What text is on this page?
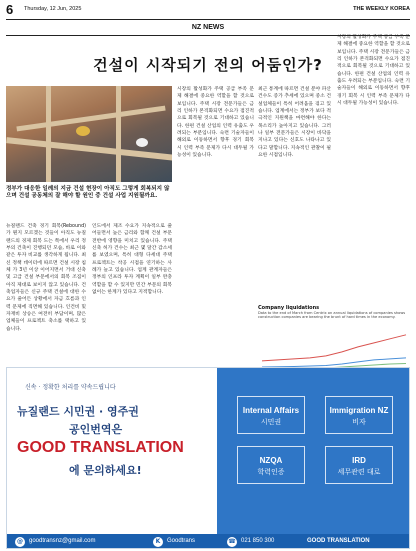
6 Thursday, 12 Jun, 2025	THE WEEKLY KOREA
NZ NEWS
건설이 시작되기 전의 어둠인가?
정부가 대응한 일례의 지금 건설 현장이 아직도 그렇게 회복되지 않으며 건설 공동체의 잘 해야 할 원인 중 건설 사업 지원될까요.
뉴질랜드 건축 경기 회복(Rebound) 가 뭔지 모르겠는 것들이 아직도 뉴질랜드의 경제 회복 도는 쪽에서 우리 정부의 건축이 진행되던 모습, 바로 이와 같은 투자 비교를 생각하게 됩니다. 최신 정책 데이터에 따르면 건설 시장 침체 가 3년 이상 이어지면서 거대 신축 및 고급 건설 부문에서의 회복 조짐이 아직 제대로 보이지 않고 있습니다. 건축업자들은 신규 주택 건설에 대한 수요가 줄어든 상황에서 자금 흐름과 인력 문제에 직면해 있습니다. 인건비 및 자재비 상승은 여전히 부담이며, 많은 업체들이 프로젝트 축소를 택하고 있습니다.
인도에서 제조 수요가 지속적으로 줄어들면서 높은 금리와 함께 건설 부문 전반에 영향을 미치고 있습니다. 주택 신축 허가 건수는 최근 몇 달간 감소세를 보였으며, 특히 대형 다세대 주택 프로젝트는 착공 시점을 연기하는 사례가 늘고 있습니다. 업계 관계자들은 정부의 인프라 투자 계획이 일부 완충 역할을 할 수 있지만 민간 부문의 회복 없이는 한계가 있다고 지적합니다.
시장의 활성화가 주택 공급 부족 문제 해결에 중요한 역할을 할 것으로 보입니다. 주택 시장 전문가들은 금리 인하가 본격화되면 수요가 점진적으로 회복될 것으로 기대하고 있습니다. 한편 건설 산업의 인력 유출도 우려되는 부분입니다. 숙련 기술자들이 해외로 이동하면서 향후 경기 회복 시 인력 부족 문제가 다시 대두될 가능성이 있습니다.
최근 통계에 따르면 건설 분야 파산 건수도 증가 추세에 있으며 중소 건설업체들이 특히 어려움을 겪고 있습니다. 업계에서는 정부가 보다 적극적인 지원책을 마련해야 한다는 목소리가 높아지고 있습니다. 그러나 일부 전문가들은 시장이 바닥을 지나고 있다는 신호도 나타나고 있다고 말합니다. 지속적인 관찰이 필요한 시점입니다.
시장의 활성화가 주택 공급 부족 문제 해결에 중요한 역할을 할 것으로 보입니다. 주택 시장 전문가들은 금리 인하가 본격화되면 수요가 점진적으로 회복될 것으로 기대하고 있습니다. 한편 건설 산업의 인력 유출도 우려되는 부분입니다. 숙련 기술자들이 해외로 이동하면서 향후 경기 회복 시 인력 부족 문제가 다시 대두될 가능성이 있습니다.
Company liquidations
Data to the end of March from Centrix on annual liquidations of companies shows construction companies are bearing the brunt of hard times in the economy.
신속 · 정확한 처리를 약속드립니다
뉴질랜드 시민권 · 영주권
공인번역은
GOOD TRANSLATION
에 문의하세요!
Internal Affairs
시민권
Immigration NZ
비자
NZQA
학력인증
IRD
세무관련 대로
@	goodtransnz@gmail.com	K	Goodtrans	☎ 021 850 300	GOOD TRANSLATION
